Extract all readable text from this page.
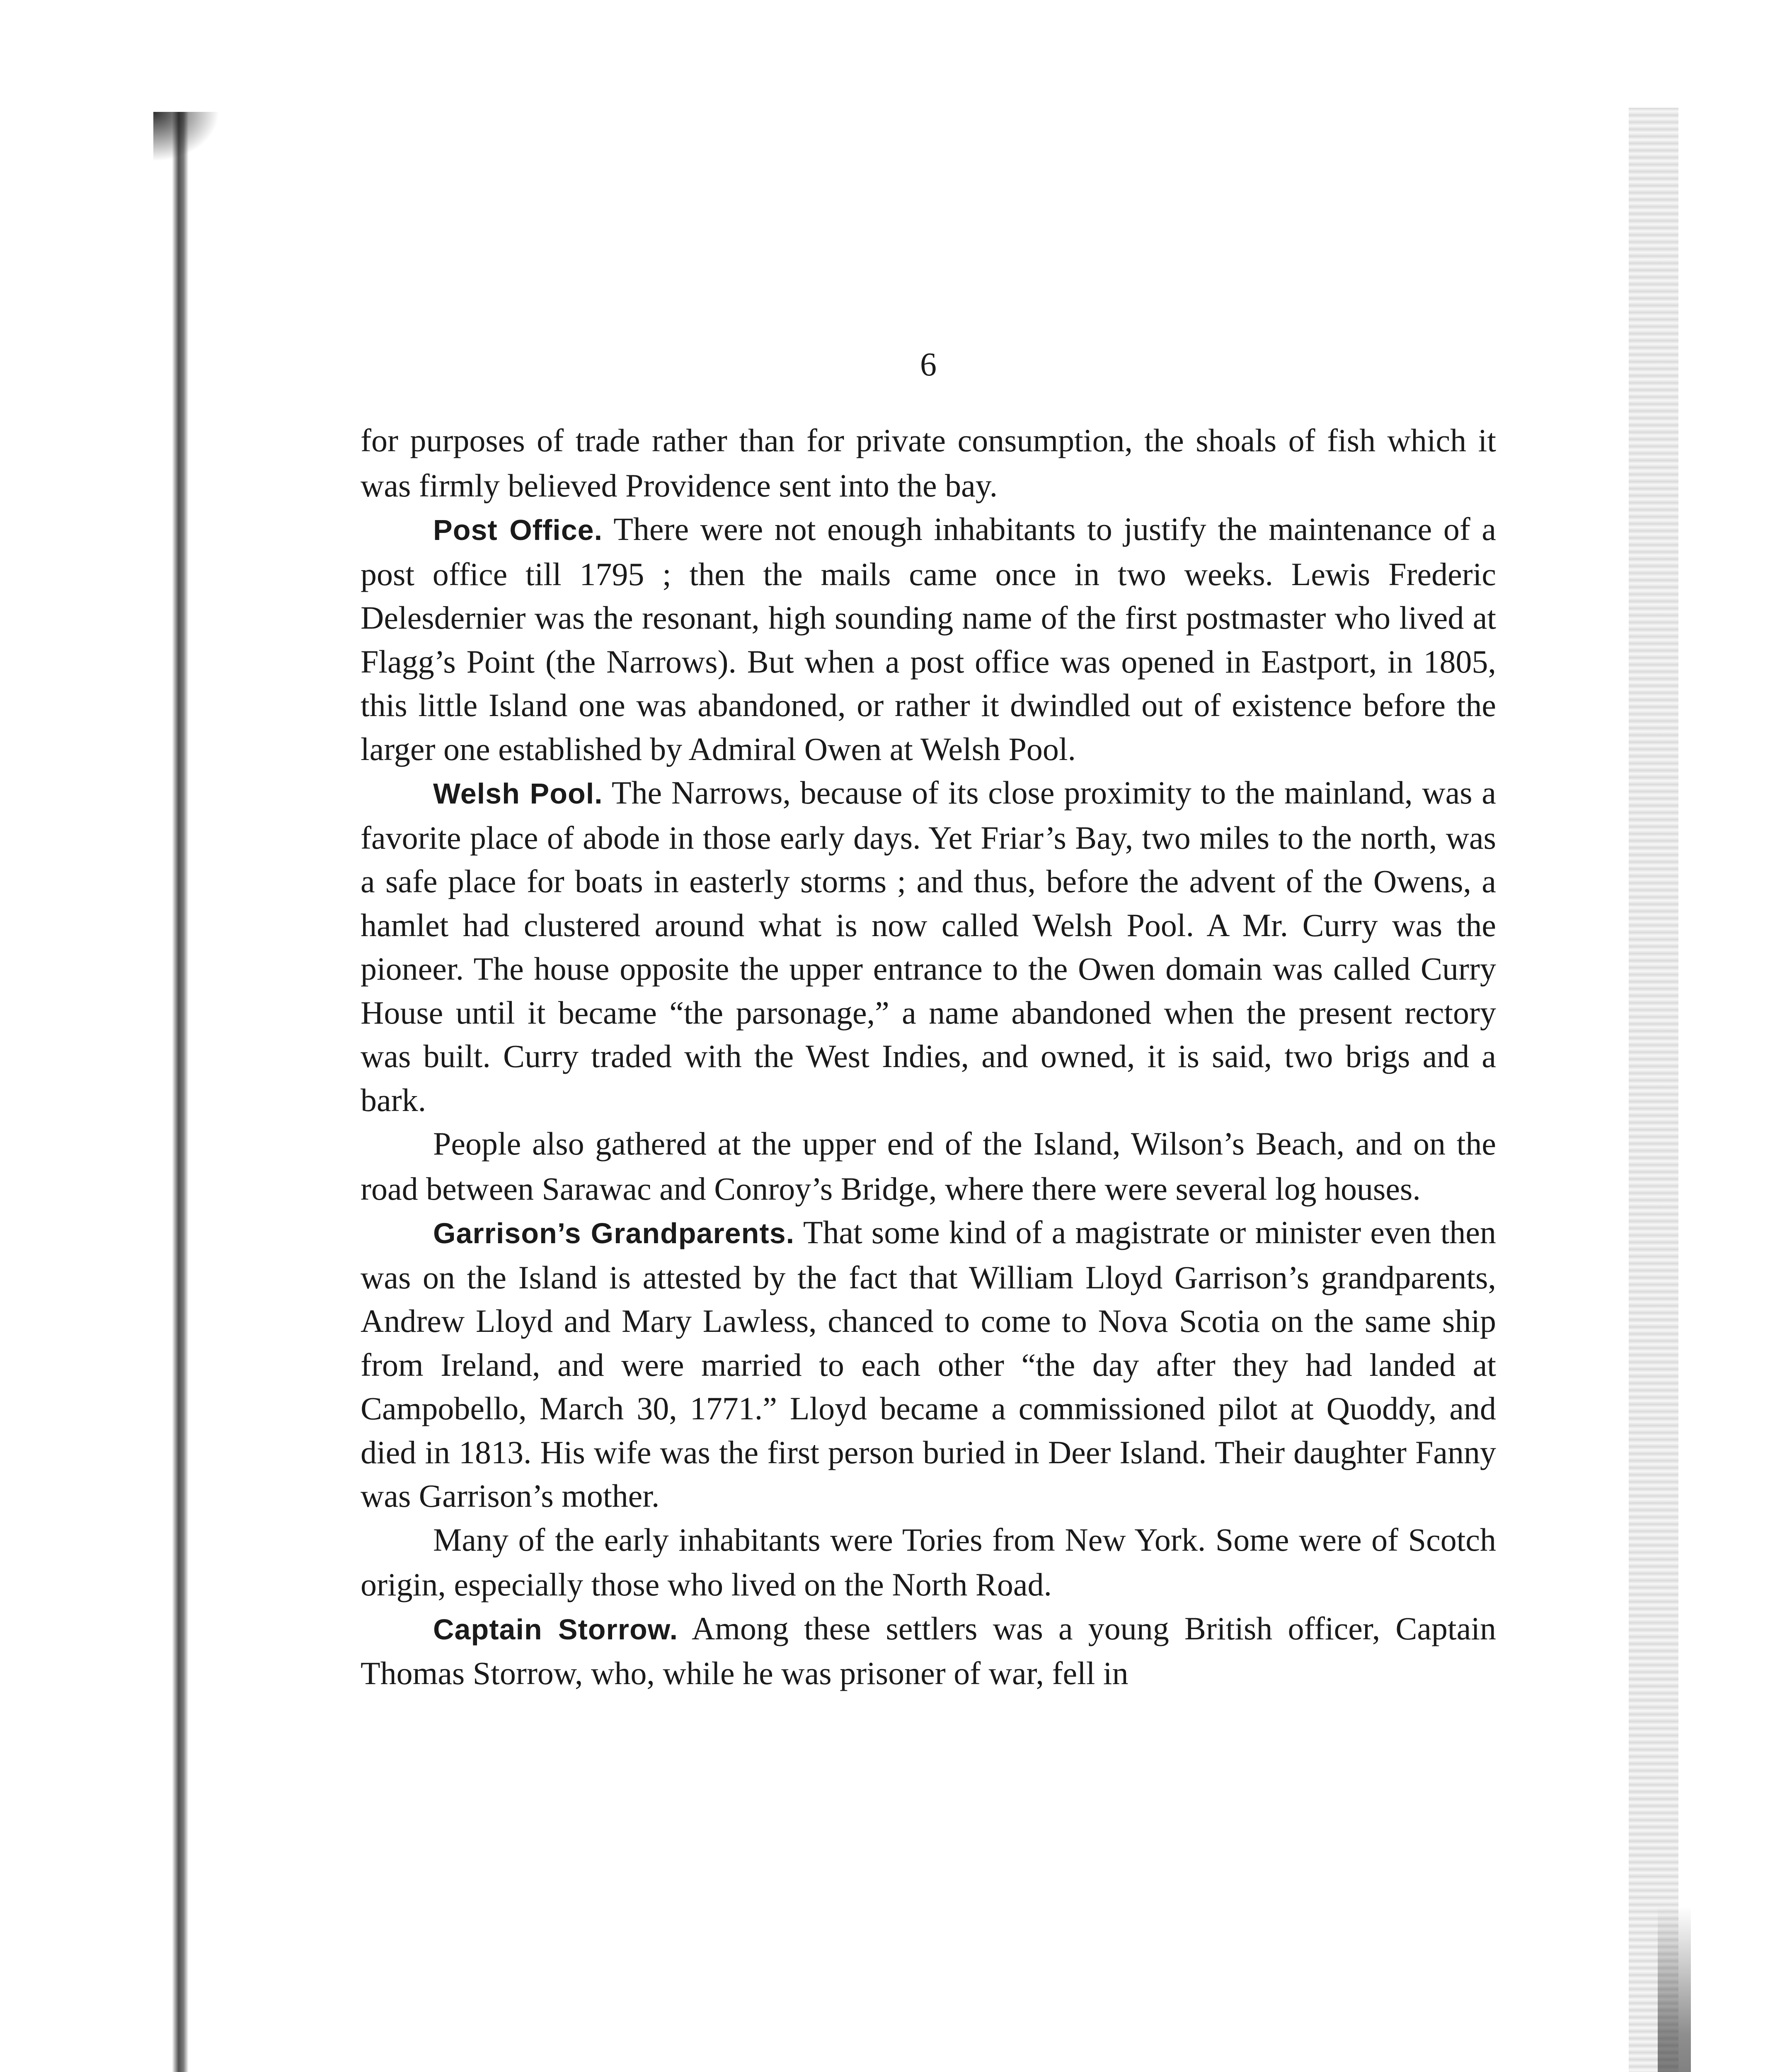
6

for purposes of trade rather than for private consumption, the shoals of fish which it was firmly believed Providence sent into the bay.

Post Office. There were not enough inhabitants to justify the maintenance of a post office till 1795 ; then the mails came once in two weeks. Lewis Frederic Delesdernier was the resonant, high sounding name of the first postmaster who lived at Flagg’s Point (the Narrows). But when a post office was opened in Eastport, in 1805, this little Island one was abandoned, or rather it dwindled out of existence before the larger one established by Admiral Owen at Welsh Pool.

Welsh Pool. The Narrows, because of its close proximity to the mainland, was a favorite place of abode in those early days. Yet Friar’s Bay, two miles to the north, was a safe place for boats in easterly storms ; and thus, before the advent of the Owens, a hamlet had clustered around what is now called Welsh Pool. A Mr. Curry was the pioneer. The house opposite the upper entrance to the Owen domain was called Curry House until it became “the parsonage,” a name abandoned when the present rectory was built. Curry traded with the West Indies, and owned, it is said, two brigs and a bark.

People also gathered at the upper end of the Island, Wilson’s Beach, and on the road between Sarawac and Conroy’s Bridge, where there were several log houses.

Garrison’s Grandparents. That some kind of a magistrate or minister even then was on the Island is attested by the fact that William Lloyd Garrison’s grandparents, Andrew Lloyd and Mary Lawless, chanced to come to Nova Scotia on the same ship from Ireland, and were married to each other “the day after they had landed at Campobello, March 30, 1771.” Lloyd became a commissioned pilot at Quoddy, and died in 1813. His wife was the first person buried in Deer Island. Their daughter Fanny was Garrison’s mother.

Many of the early inhabitants were Tories from New York. Some were of Scotch origin, especially those who lived on the North Road.

Captain Storrow. Among these settlers was a young British officer, Captain Thomas Storrow, who, while he was prisoner of war, fell in
